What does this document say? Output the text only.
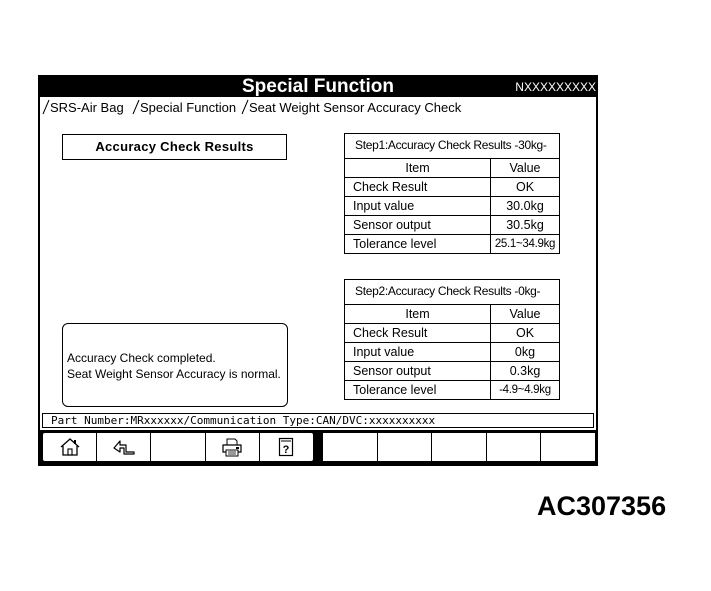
Special Function	NXXXXXXXXX
SRS-Air Bag	Special Function Seat Weight Sensor Accuracy Check
Accuracy Check Results	Step1:Accuracy Check Results -30kg-
Item	Value
Check Result	OK
Input value	30.0kg
Sensor output	30.5kg
Tolerance level	25.1~34.9kg
Step2:Accuracy Check Results -0kg-
Item	Value
Check Result	OK
Input value	0kg
Sensor output	0.3kg
Tolerance level	-4.9~4.9kg
Accuracy Check completed.
Seat Weight Sensor Accuracy is normal.
Part Number:MRxxxxxx/Communication Type:CAN/DVC:xxxxxxxxxx
?
AC307356
